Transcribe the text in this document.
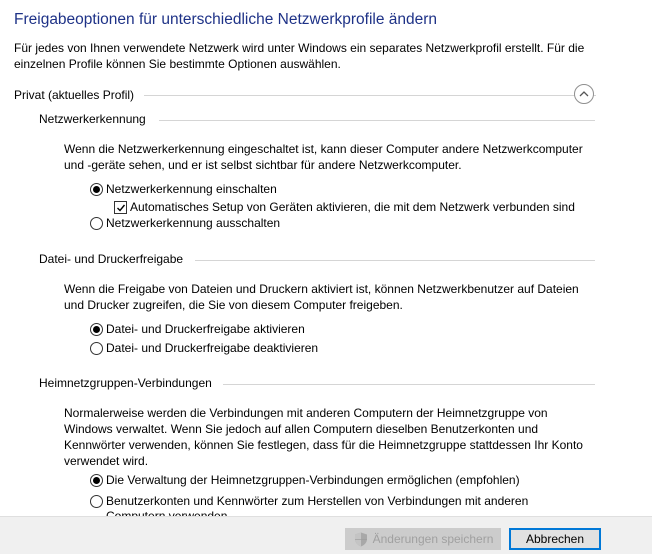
Freigabeoptionen für unterschiedliche Netzwerkprofile ändern
Für jedes von Ihnen verwendete Netzwerk wird unter Windows ein separates Netzwerkprofil erstellt. Für die einzelnen Profile können Sie bestimmte Optionen auswählen.
Privat (aktuelles Profil)
Netzwerkerkennung
Wenn die Netzwerkerkennung eingeschaltet ist, kann dieser Computer andere Netzwerkcomputer und -geräte sehen, und er ist selbst sichtbar für andere Netzwerkcomputer.
Netzwerkerkennung einschalten
Automatisches Setup von Geräten aktivieren, die mit dem Netzwerk verbunden sind
Netzwerkerkennung ausschalten
Datei- und Druckerfreigabe
Wenn die Freigabe von Dateien und Druckern aktiviert ist, können Netzwerkbenutzer auf Dateien und Drucker zugreifen, die Sie von diesem Computer freigeben.
Datei- und Druckerfreigabe aktivieren
Datei- und Druckerfreigabe deaktivieren
Heimnetzgruppen-Verbindungen
Normalerweise werden die Verbindungen mit anderen Computern der Heimnetzgruppe von Windows verwaltet. Wenn Sie jedoch auf allen Computern dieselben Benutzerkonten und Kennwörter verwenden, können Sie festlegen, dass für die Heimnetzgruppe stattdessen Ihr Konto verwendet wird.
Die Verwaltung der Heimnetzgruppen-Verbindungen ermöglichen (empfohlen)
Benutzerkonten und Kennwörter zum Herstellen von Verbindungen mit anderen
Änderungen speichern	Abbrechen
